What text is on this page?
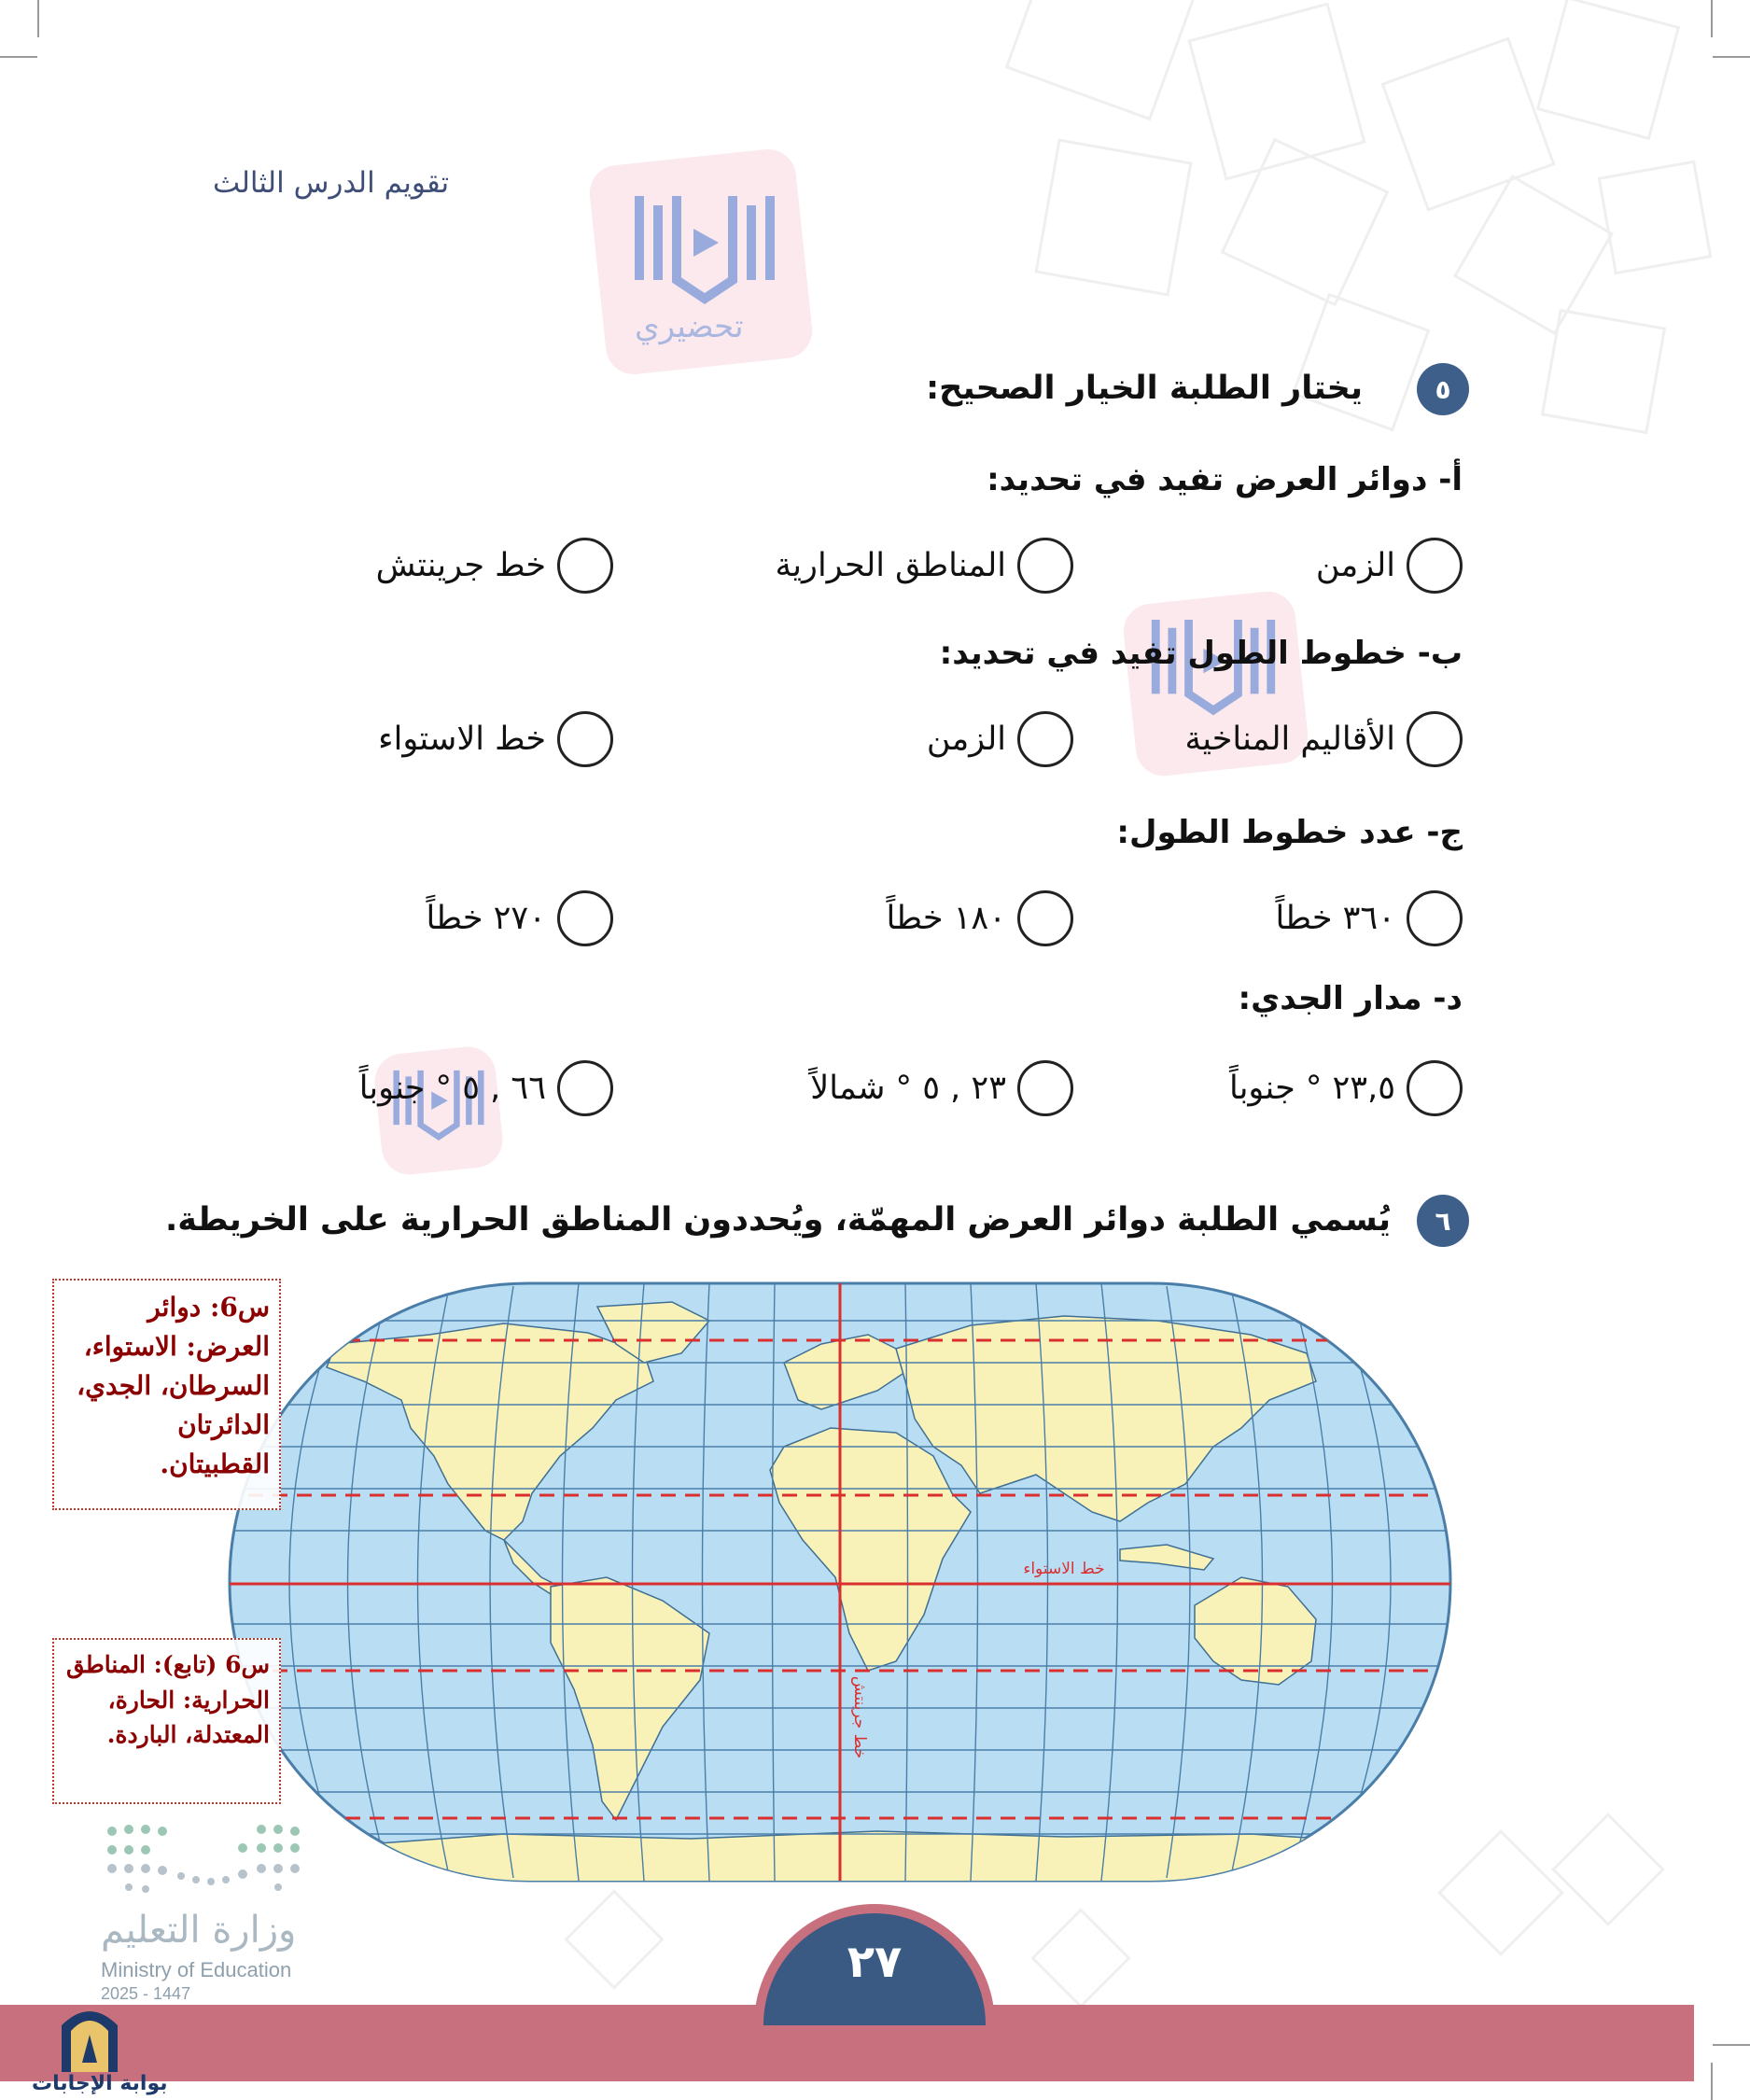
تقويم الدرس الثالث
تحضيري
٥
يختار الطلبة الخيار الصحيح:
أ- دوائر العرض تفيد في تحديد:
الزمن
المناطق الحرارية
خط جرينتش
ب- خطوط الطول تفيد في تحديد:
الأقاليم المناخية
الزمن
خط الاستواء
ج- عدد خطوط الطول:
٣٦٠ خطاً
١٨٠ خطاً
٢٧٠ خطاً
د- مدار الجدي:
٢٣,٥ ° جنوباً
٢٣ , ٥ ° شمالاً
٦٦ , ٥ ° جنوباً
٦
يُسمي الطلبة دوائر العرض المهمّة، ويُحددون المناطق الحرارية على الخريطة.
خط الاستواء
خط جرينتش
س6: دوائر العرض: الاستواء، السرطان، الجدي، الدائرتان القطبيتان.
س6 (تابع): المناطق الحرارية: الحارة، المعتدلة، الباردة.
وزارة التعليم
Ministry of Education
2025 - 1447
٢٧
بوابة الإجابات
